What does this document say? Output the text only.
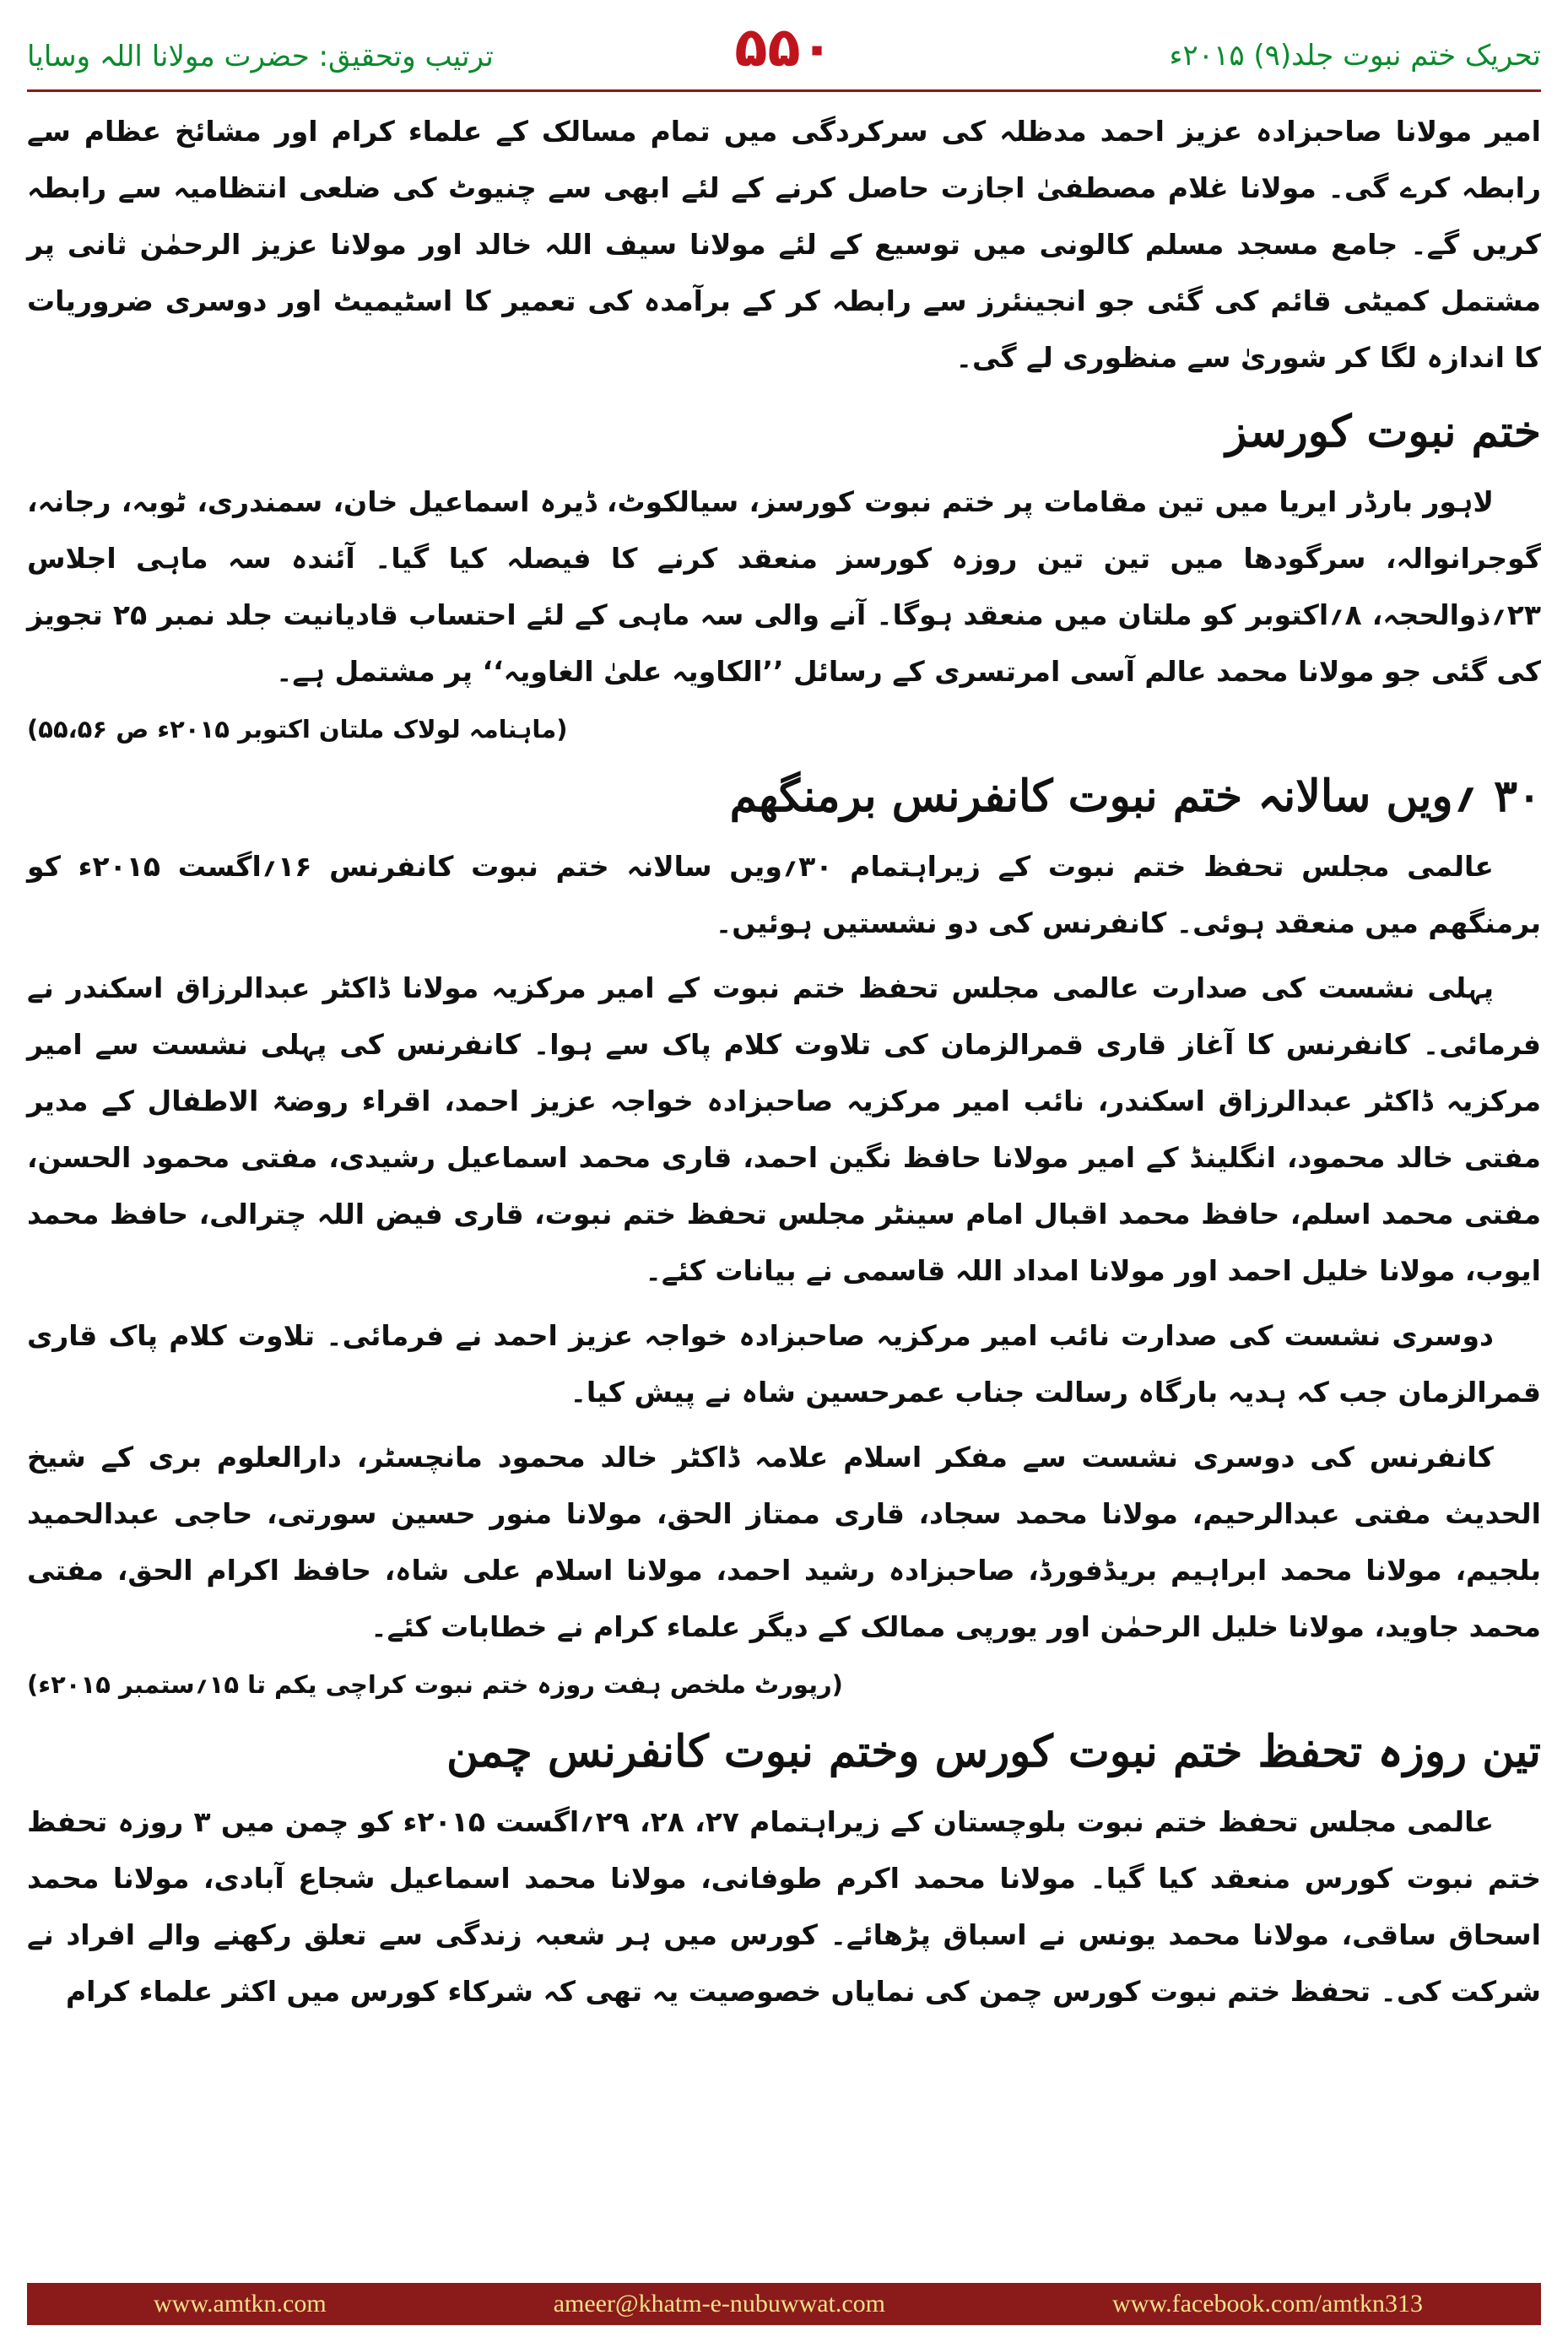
تحریک ختم نبوت جلد(۹) ۲۰۱۵ء
۵۵۰
ترتیب وتحقیق: حضرت مولانا اللہ وسایا

امیر مولانا صاحبزادہ عزیز احمد مدظلہ کی سرکردگی میں تمام مسالک کے علماء کرام اور مشائخ عظام سے رابطہ کرے گی۔ مولانا غلام مصطفیٰ اجازت حاصل کرنے کے لئے ابھی سے چنیوٹ کی ضلعی انتظامیہ سے رابطہ کریں گے۔ جامع مسجد مسلم کالونی میں توسیع کے لئے مولانا سیف اللہ خالد اور مولانا عزیز الرحمٰن ثانی پر مشتمل کمیٹی قائم کی گئی جو انجینئرز سے رابطہ کر کے برآمدہ کی تعمیر کا اسٹیمیٹ اور دوسری ضروریات کا اندازہ لگا کر شوریٰ سے منظوری لے گی۔

ختم نبوت کورسز

لاہور بارڈر ایریا میں تین مقامات پر ختم نبوت کورسز، سیالکوٹ، ڈیرہ اسماعیل خان، سمندری، ٹوبہ، رجانہ، گوجرانوالہ، سرگودھا میں تین تین روزہ کورسز منعقد کرنے کا فیصلہ کیا گیا۔ آئندہ سہ ماہی اجلاس ۲۳؍ذوالحجہ، ۸؍اکتوبر کو ملتان میں منعقد ہوگا۔ آنے والی سہ ماہی کے لئے احتساب قادیانیت جلد نمبر ۲۵ تجویز کی گئی جو مولانا محمد عالم آسی امرتسری کے رسائل ’’الکاویہ علیٰ الغاویہ‘‘ پر مشتمل ہے۔

(ماہنامہ لولاک ملتان اکتوبر ۲۰۱۵ء ص ۵۵،۵۶)
۳۰ ؍ویں سالانہ ختم نبوت کانفرنس برمنگھم

عالمی مجلس تحفظ ختم نبوت کے زیراہتمام ۳۰؍ویں سالانہ ختم نبوت کانفرنس ۱۶؍اگست ۲۰۱۵ء کو برمنگھم میں منعقد ہوئی۔ کانفرنس کی دو نشستیں ہوئیں۔

پہلی نشست کی صدارت عالمی مجلس تحفظ ختم نبوت کے امیر مرکزیہ مولانا ڈاکٹر عبدالرزاق اسکندر نے فرمائی۔ کانفرنس کا آغاز قاری قمرالزمان کی تلاوت کلام پاک سے ہوا۔ کانفرنس کی پہلی نشست سے امیر مرکزیہ ڈاکٹر عبدالرزاق اسکندر، نائب امیر مرکزیہ صاحبزادہ خواجہ عزیز احمد، اقراء روضۃ الاطفال کے مدیر مفتی خالد محمود، انگلینڈ کے امیر مولانا حافظ نگین احمد، قاری محمد اسماعیل رشیدی، مفتی محمود الحسن، مفتی محمد اسلم، حافظ محمد اقبال امام سینٹر مجلس تحفظ ختم نبوت، قاری فیض اللہ چترالی، حافظ محمد ایوب، مولانا خلیل احمد اور مولانا امداد اللہ قاسمی نے بیانات کئے۔

دوسری نشست کی صدارت نائب امیر مرکزیہ صاحبزادہ خواجہ عزیز احمد نے فرمائی۔ تلاوت کلام پاک قاری قمرالزمان جب کہ ہدیہ بارگاہ رسالت جناب عمرحسین شاہ نے پیش کیا۔

کانفرنس کی دوسری نشست سے مفکر اسلام علامہ ڈاکٹر خالد محمود مانچسٹر، دارالعلوم بری کے شیخ الحدیث مفتی عبدالرحیم، مولانا محمد سجاد، قاری ممتاز الحق، مولانا منور حسین سورتی، حاجی عبدالحمید بلجیم، مولانا محمد ابراہیم بریڈفورڈ، صاحبزادہ رشید احمد، مولانا اسلام علی شاہ، حافظ اکرام الحق، مفتی محمد جاوید، مولانا خلیل الرحمٰن اور یورپی ممالک کے دیگر علماء کرام نے خطابات کئے۔

(رپورٹ ملخص ہفت روزہ ختم نبوت کراچی یکم تا ۱۵؍ستمبر ۲۰۱۵ء)
تین روزہ تحفظ ختم نبوت کورس وختم نبوت کانفرنس چمن

عالمی مجلس تحفظ ختم نبوت بلوچستان کے زیراہتمام ۲۷، ۲۸، ۲۹؍اگست ۲۰۱۵ء کو چمن میں ۳ روزہ تحفظ ختم نبوت کورس منعقد کیا گیا۔ مولانا محمد اکرم طوفانی، مولانا محمد اسماعیل شجاع آبادی، مولانا محمد اسحاق ساقی، مولانا محمد یونس نے اسباق پڑھائے۔ کورس میں ہر شعبہ زندگی سے تعلق رکھنے والے افراد نے شرکت کی۔ تحفظ ختم نبوت کورس چمن کی نمایاں خصوصیت یہ تھی کہ شرکاء کورس میں اکثر علماء کرام

www.amtkn.com	ameer@khatm-e-nubuwwat.com	www.facebook.com/amtkn313
